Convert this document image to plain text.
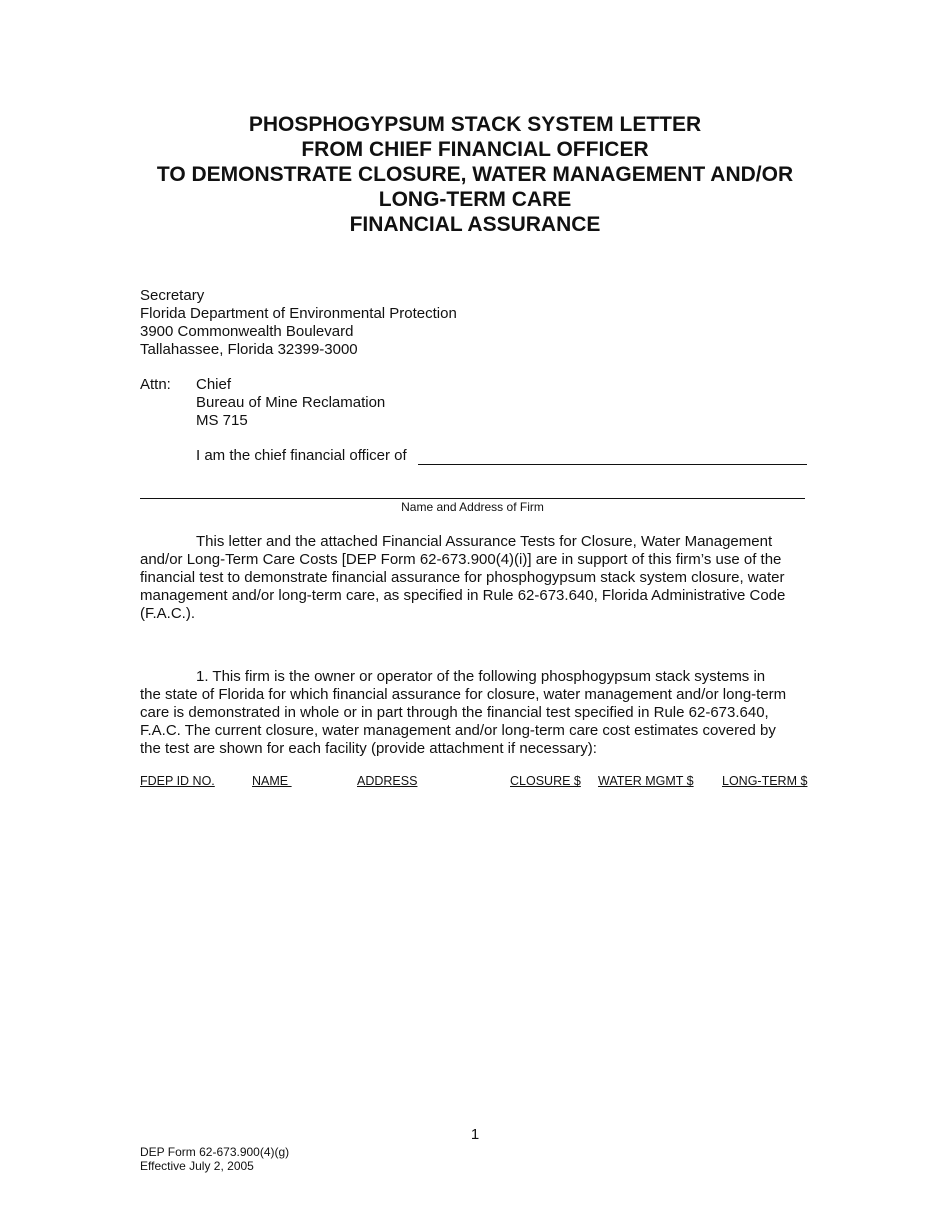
PHOSPHOGYPSUM STACK SYSTEM LETTER
FROM CHIEF FINANCIAL OFFICER
TO DEMONSTRATE CLOSURE, WATER MANAGEMENT AND/OR
LONG-TERM CARE
FINANCIAL ASSURANCE
Secretary
Florida Department of Environmental Protection
3900 Commonwealth Boulevard
Tallahassee, Florida 32399-3000
Attn: Chief
Bureau of Mine Reclamation
MS 715
I am the chief financial officer of
Name and Address of Firm
This letter and the attached Financial Assurance Tests for Closure, Water Management
and/or Long-Term Care Costs [DEP Form 62-673.900(4)(i)] are in support of this firm’s use of the
financial test to demonstrate financial assurance for phosphogypsum stack system closure, water
management and/or long-term care, as specified in Rule 62-673.640, Florida Administrative Code
(F.A.C.).
1. This firm is the owner or operator of the following phosphogypsum stack systems in
the state of Florida for which financial assurance for closure, water management and/or long-term
care is demonstrated in whole or in part through the financial test specified in Rule 62-673.640,
F.A.C. The current closure, water management and/or long-term care cost estimates covered by
the test are shown for each facility (provide attachment if necessary):
FDEP ID NO.	NAME	ADDRESS	CLOSURE $ WATER MGMT $ LONG-TERM $
1
DEP Form 62-673.900(4)(g)
Effective July 2, 2005
